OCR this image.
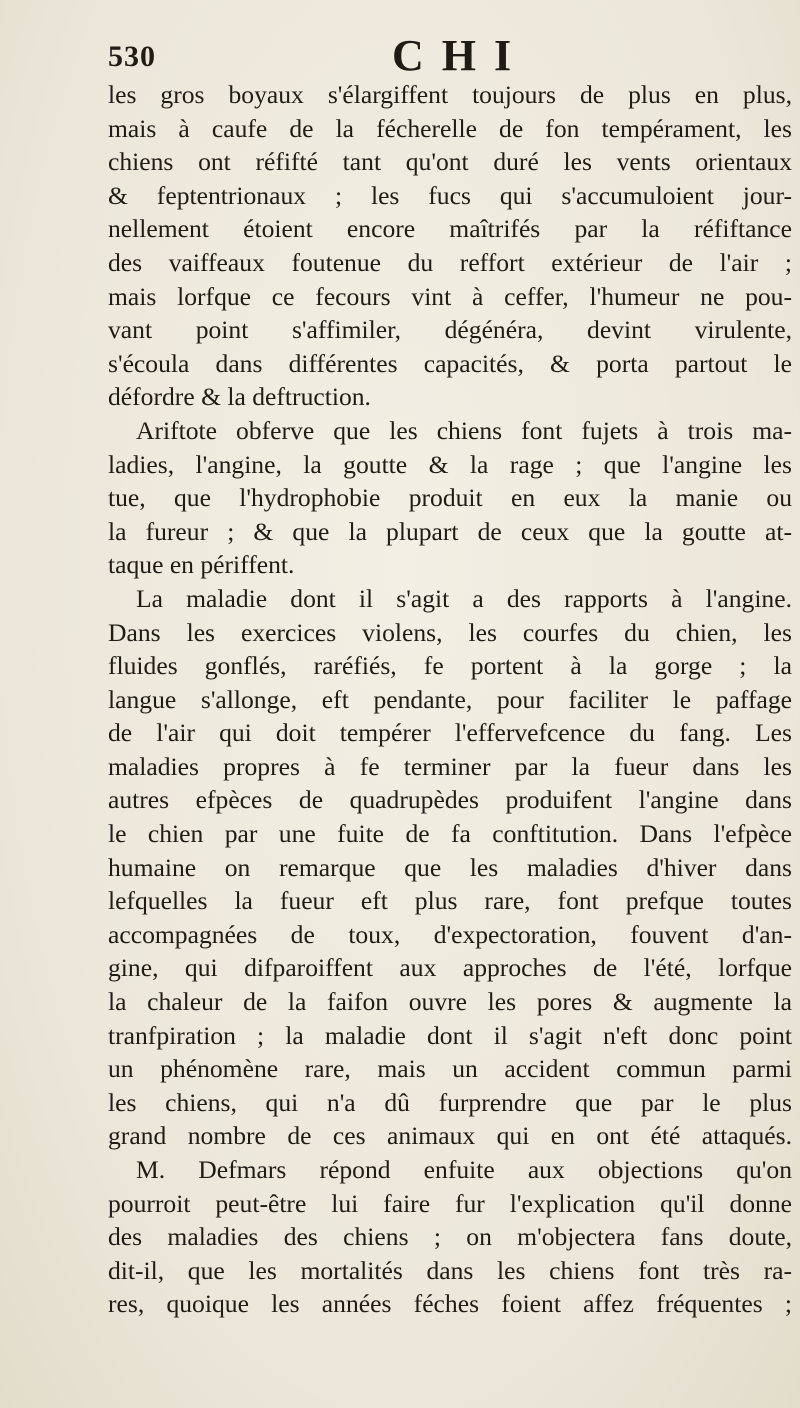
530	CHI
les gros boyaux s'élargiffent toujours de plus en plus,
mais à caufe de la fécherelle de fon tempérament, les
chiens ont réfifté tant qu'ont duré les vents orientaux
& feptentrionaux ; les fucs qui s'accumuloient jour-
nellement étoient encore maîtrifés par la réfiftance
des vaiffeaux foutenue du reffort extérieur de l'air ;
mais lorfque ce fecours vint à ceffer, l'humeur ne pou-
vant point s'affimiler, dégénéra, devint virulente,
s'écoula dans différentes capacités, & porta partout le
défordre & la deftruction.
Ariftote obferve que les chiens font fujets à trois ma-
ladies, l'angine, la goutte & la rage ; que l'angine les
tue, que l'hydrophobie produit en eux la manie ou
la fureur ; & que la plupart de ceux que la goutte at-
taque en périffent.
La maladie dont il s'agit a des rapports à l'angine.
Dans les exercices violens, les courfes du chien, les
fluides gonflés, raréfiés, fe portent à la gorge ; la
langue s'allonge, eft pendante, pour faciliter le paffage
de l'air qui doit tempérer l'effervefcence du fang. Les
maladies propres à fe terminer par la fueur dans les
autres efpèces de quadrupèdes produifent l'angine dans
le chien par une fuite de fa conftitution. Dans l'efpèce
humaine on remarque que les maladies d'hiver dans
lefquelles la fueur eft plus rare, font prefque toutes
accompagnées de toux, d'expectoration, fouvent d'an-
gine, qui difparoiffent aux approches de l'été, lorfque
la chaleur de la faifon ouvre les pores & augmente la
tranfpiration ; la maladie dont il s'agit n'eft donc point
un phénomène rare, mais un accident commun parmi
les chiens, qui n'a dû furprendre que par le plus
grand nombre de ces animaux qui en ont été attaqués.
M. Defmars répond enfuite aux objections qu'on
pourroit peut-être lui faire fur l'explication qu'il donne
des maladies des chiens ; on m'objectera fans doute,
dit-il, que les mortalités dans les chiens font très ra-
res, quoique les années féches foient affez fréquentes ;
